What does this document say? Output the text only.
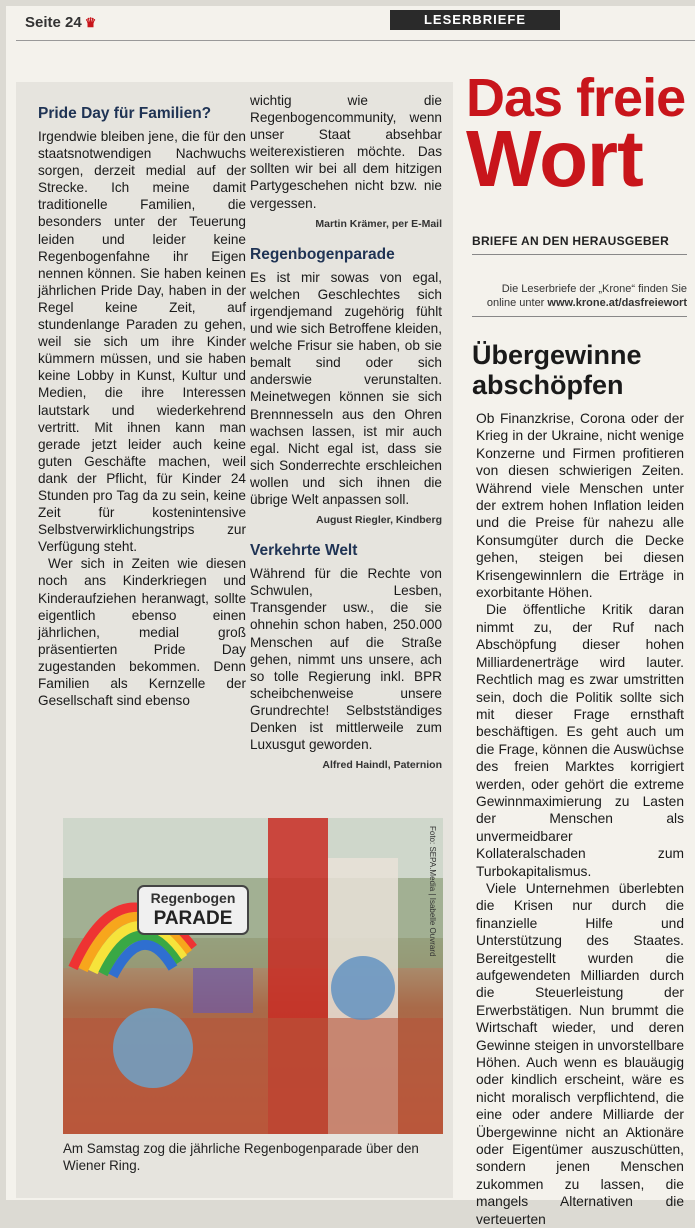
Seite 24 ♛	LESERBRIEFE
Pride Day für Familien?

Irgendwie bleiben jene, die für den staatsnotwendigen Nachwuchs sorgen, derzeit medial auf der Strecke. Ich meine damit traditionelle Familien, die besonders unter der Teuerung leiden und leider keine Regenbogenfahne ihr Eigen nennen können. Sie haben keinen jährlichen Pride Day, haben in der Regel keine Zeit, auf stundenlange Paraden zu gehen, weil sie sich um ihre Kinder kümmern müssen, und sie haben keine Lobby in Kunst, Kultur und Medien, die ihre Interessen lautstark und wiederkehrend vertritt. Mit ihnen kann man gerade jetzt leider auch keine guten Geschäfte machen, weil dank der Pflicht, für Kinder 24 Stunden pro Tag da zu sein, keine Zeit für kostenintensive Selbstverwirklichungstrips zur Verfügung steht.

Wer sich in Zeiten wie diesen noch ans Kinderkriegen und Kinderaufziehen heranwagt, sollte eigentlich ebenso einen jährlichen, medial groß präsentierten Pride Day zugestanden bekommen. Denn Familien als Kernzelle der Gesellschaft sind ebenso

wichtig wie die Regenbogencommunity, wenn unser Staat absehbar weiterexistieren möchte. Das sollten wir bei all dem hitzigen Partygeschehen nicht bzw. nie vergessen.

Martin Krämer, per E-Mail
Regenbogenparade

Es ist mir sowas von egal, welchen Geschlechtes sich irgendjemand zugehörig fühlt und wie sich Betroffene kleiden, welche Frisur sie haben, ob sie bemalt sind oder sich anderswie verunstalten. Meinetwegen können sie sich Brennnesseln aus den Ohren wachsen lassen, ist mir auch egal. Nicht egal ist, dass sie sich Sonderrechte erschleichen wollen und sich ihnen die übrige Welt anpassen soll.

August Riegler, Kindberg
Verkehrte Welt

Während für die Rechte von Schwulen, Lesben, Transgender usw., die sie ohnehin schon haben, 250.000 Menschen auf die Straße gehen, nimmt uns unsere, ach so tolle Regierung inkl. BPR scheibchenweise unsere Grundrechte! Selbstständiges Denken ist mittlerweile zum Luxusgut geworden.

Alfred Haindl, Paternion
Regenbogen
PARADE	Foto: SEPA.Media | Isabelle Ouvrard
Am Samstag zog die jährliche Regenbogenparade über den Wiener Ring.
Das freie
Wort
BRIEFE AN DEN HERAUSGEBER
Die Leserbriefe der „Krone“ finden Sie
online unter www.krone.at/dasfreiewort
Übergewinne abschöpfen

Ob Finanzkrise, Corona oder der Krieg in der Ukraine, nicht wenige Konzerne und Firmen profitieren von diesen schwierigen Zeiten. Während viele Menschen unter der extrem hohen Inflation leiden und die Preise für nahezu alle Konsumgüter durch die Decke gehen, steigen bei diesen Krisengewinnlern die Erträge in exorbitante Höhen.

Die öffentliche Kritik daran nimmt zu, der Ruf nach Abschöpfung dieser hohen Milliardenerträge wird lauter. Rechtlich mag es zwar umstritten sein, doch die Politik sollte sich mit dieser Frage ernsthaft beschäftigen. Es geht auch um die Frage, können die Auswüchse des freien Marktes korrigiert werden, oder gehört die extreme Gewinnmaximierung zu Lasten der Menschen als unvermeidbarer Kollateralschaden zum Turbokapitalismus.

Viele Unternehmen überlebten die Krisen nur durch die finanzielle Hilfe und Unterstützung des Staates. Bereitgestellt wurden die aufgewendeten Milliarden durch die Steuerleistung der Erwerbstätigen. Nun brummt die Wirtschaft wieder, und deren Gewinne steigen in unvorstellbare Höhen. Auch wenn es blauäugig oder kindlich erscheint, wäre es nicht moralisch verpflichtend, die eine oder andere Milliarde der Übergewinne nicht an Aktionäre oder Eigentümer auszuschütten, sondern jenen Menschen zukommen zu lassen, die mangels Alternativen die verteuerten
